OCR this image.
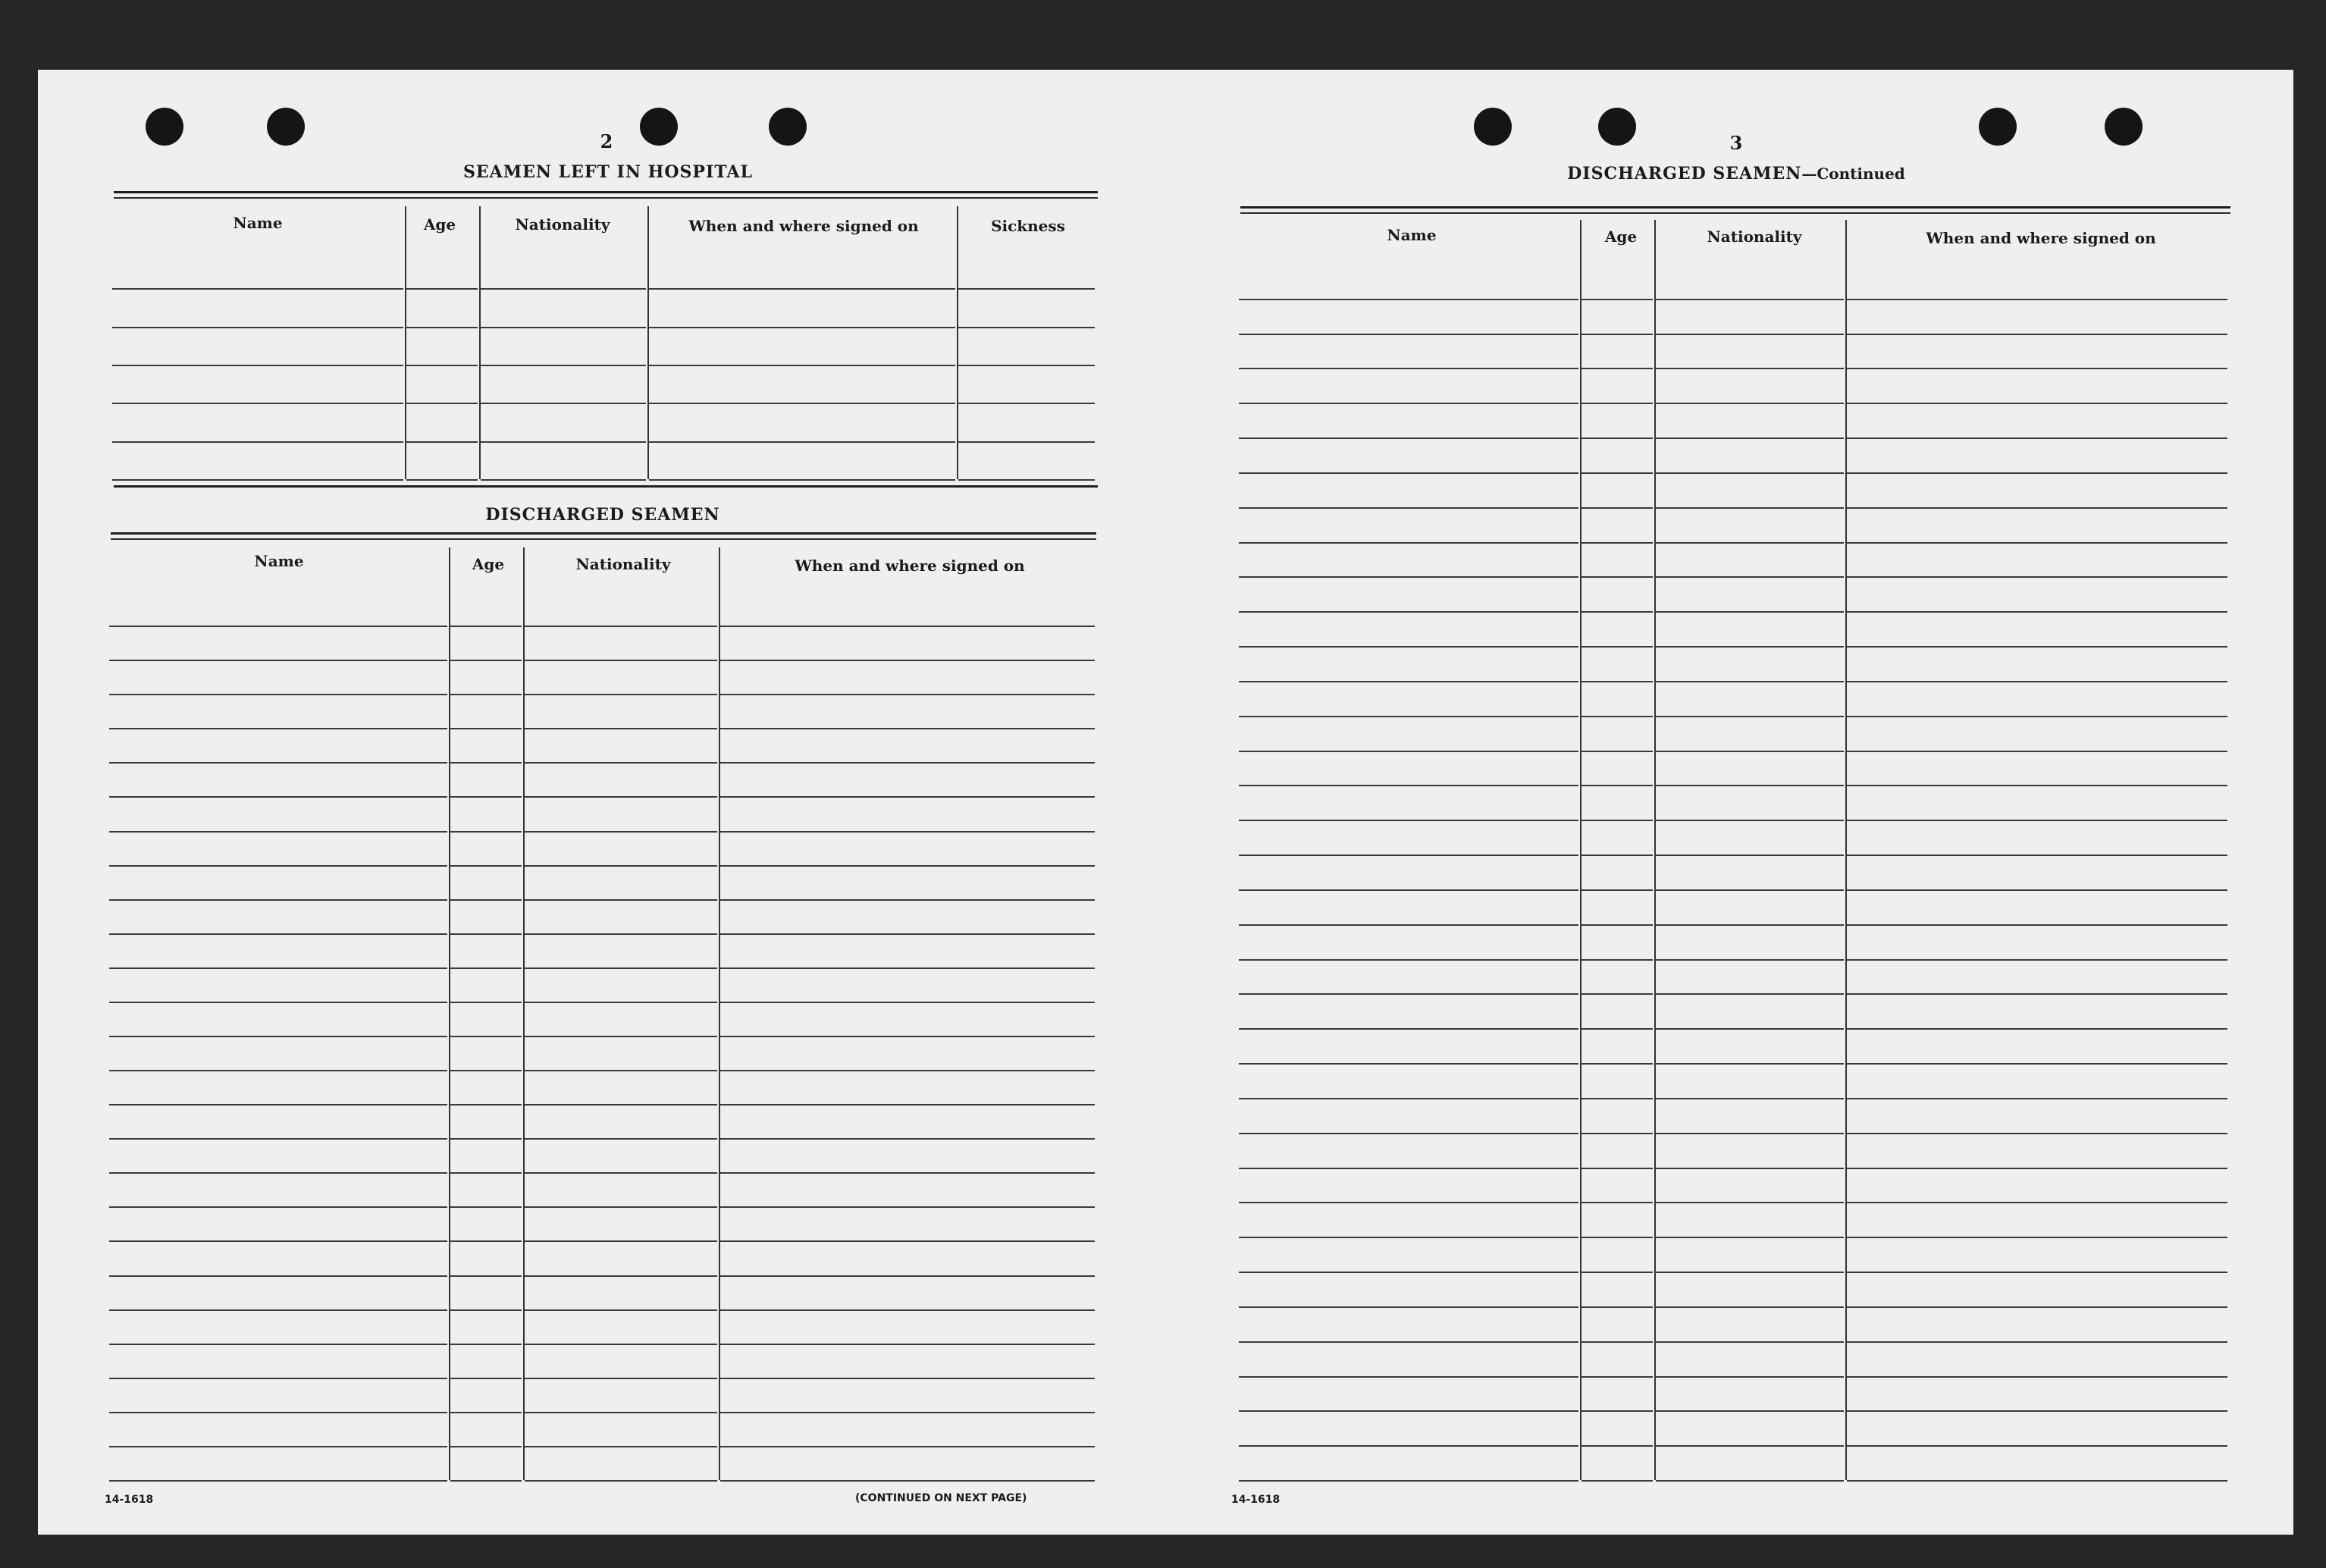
2
SEAMEN LEFT IN HOSPITAL
Name	Age	Nationality	When and where signed on	Sickness
DISCHARGED SEAMEN
Name	Age	Nationality	When and where signed on
14-1618	(CONTINUED ON NEXT PAGE)
3
DISCHARGED SEAMEN—Continued
Name	Age	Nationality	When and where signed on
14-1618
